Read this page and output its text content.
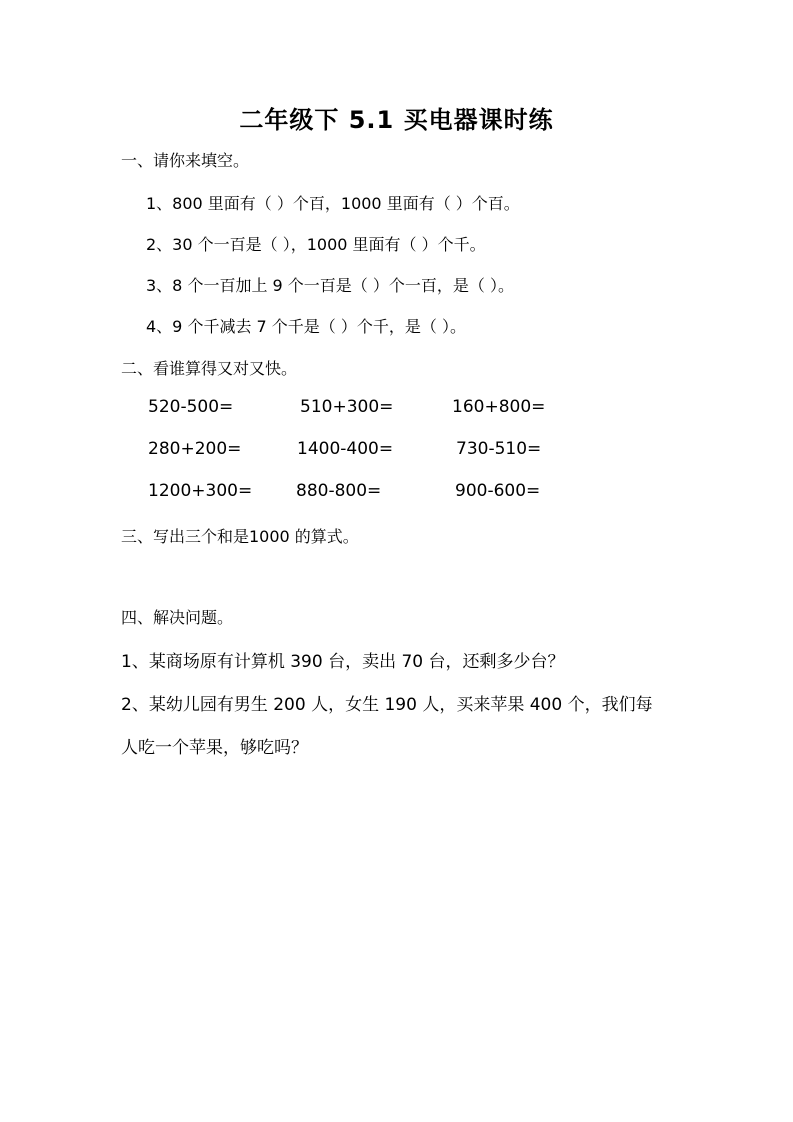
二年级下 5.1 买电器课时练
一、请你来填空。
1、800 里面有（ ）个百，1000 里面有（ ）个百。
2、30 个一百是（ ），1000 里面有（ ）个千。
3、8 个一百加上 9 个一百是（ ）个一百，是（ ）。
4、9 个千减去 7 个千是（ ）个千，是（ ）。
二、看谁算得又对又快。
520-500=	510+300=	160+800=
280+200=	1400-400=	730-510=
1200+300=	880-800=	900-600=
三、写出三个和是1000 的算式。
四、解决问题。
1、某商场原有计算机 390 台，卖出 70 台，还剩多少台？
2、某幼儿园有男生 200 人，女生 190 人，买来苹果 400 个，我们每
人吃一个苹果，够吃吗？
